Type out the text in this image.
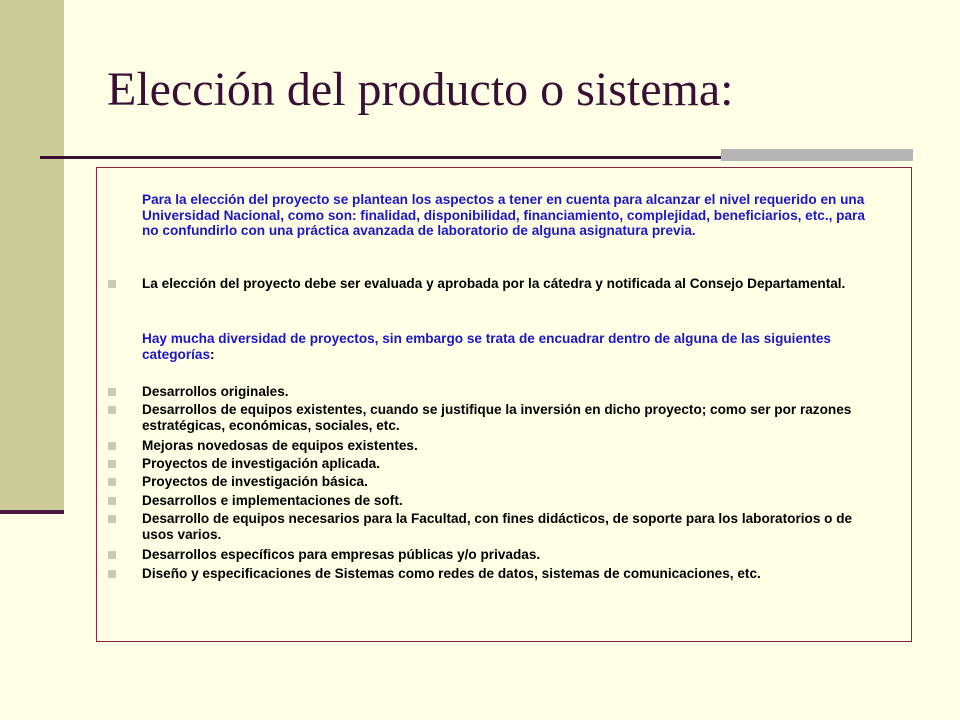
Elección del producto o sistema:
Para la elección del proyecto se plantean los aspectos a tener en cuenta para alcanzar el nivel requerido en una Universidad Nacional, como son: finalidad, disponibilidad, financiamiento, complejidad, beneficiarios, etc., para no confundirlo con una práctica avanzada de laboratorio de alguna asignatura previa.
La elección del proyecto debe ser evaluada y aprobada por la cátedra y notificada al Consejo Departamental.
Hay mucha diversidad de proyectos, sin embargo se trata de encuadrar dentro de alguna de las siguientes categorías:
Desarrollos originales.
Desarrollos de equipos existentes, cuando se justifique la inversión en dicho proyecto; como ser por razones estratégicas, económicas, sociales, etc.
Mejoras novedosas de equipos existentes.
Proyectos de investigación aplicada.
Proyectos de investigación básica.
Desarrollos e implementaciones de soft.
Desarrollo de equipos necesarios para la Facultad, con fines didácticos, de soporte para los laboratorios o de usos varios.
Desarrollos específicos para empresas públicas y/o privadas.
Diseño y especificaciones de Sistemas como redes de datos, sistemas de comunicaciones, etc.
